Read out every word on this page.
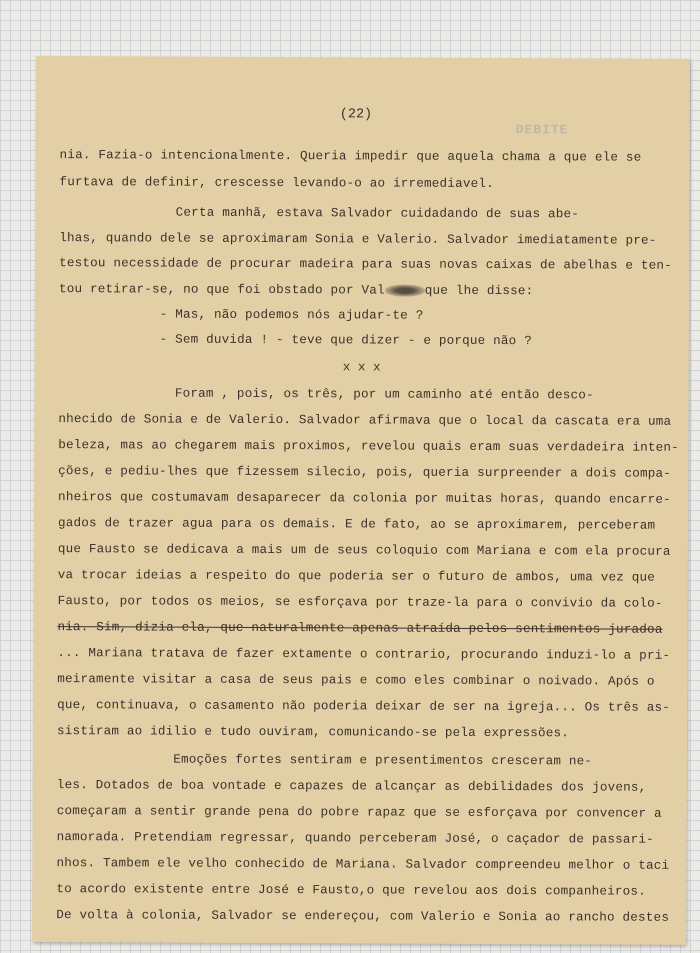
(22)
DEBITE
nia. Fazia-o intencionalmente. Queria impedir que aquela chama a que ele se
furtava de definir, crescesse levando-o ao irremediavel.
Certa manhã, estava Salvador cuidadando de suas abe-
lhas, quando dele se aproximaram Sonia e Valerio. Salvador imediatamente pre-
testou necessidade de procurar madeira para suas novas caixas de abelhas e ten-
tou retirar-se, no que foi obstado por Val	que lhe disse:
- Mas, não podemos nós ajudar-te ?
- Sem duvida ! - teve que dizer - e porque não ?
x x x
Foram , pois, os três, por um caminho até então desco-
nhecido de Sonia e de Valerio. Salvador afirmava que o local da cascata era uma
beleza, mas ao chegarem mais proximos, revelou quais eram suas verdadeira inten-
ções, e pediu-lhes que fizessem silecio, pois, queria surpreender a dois compa-
nheiros que costumavam desaparecer da colonia por muitas horas, quando encarre-
gados de trazer agua para os demais. E de fato, ao se aproximarem, perceberam
que Fausto se dedicava a mais um de seus coloquio com Mariana e com ela procura
va trocar ideias a respeito do que poderia ser o futuro de ambos, uma vez que
Fausto, por todos os meios, se esforçava por traze-la para o convivio da colo-
nia. Sim, dizia ela, que naturalmente apenas atraída pelos sentimentos juradoa
... Mariana tratava de fazer extamente o contrario, procurando induzi-lo a pri-
meiramente visitar a casa de seus pais e como eles combinar o noivado. Após o
que, continuava, o casamento não poderia deixar de ser na igreja... Os três as-
sistiram ao idilio e tudo ouviram, comunicando-se pela expressões.
Emoções fortes sentiram e presentimentos cresceram ne-
les. Dotados de boa vontade e capazes de alcançar as debilidades dos jovens,
começaram a sentir grande pena do pobre rapaz que se esforçava por convencer a
namorada. Pretendiam regressar, quando perceberam José, o caçador de passari-
nhos. Tambem ele velho conhecido de Mariana. Salvador compreendeu melhor o taci
to acordo existente entre José e Fausto,o que revelou aos dois companheiros.
De volta à colonia, Salvador se endereçou, com Valerio e Sonia ao rancho destes
